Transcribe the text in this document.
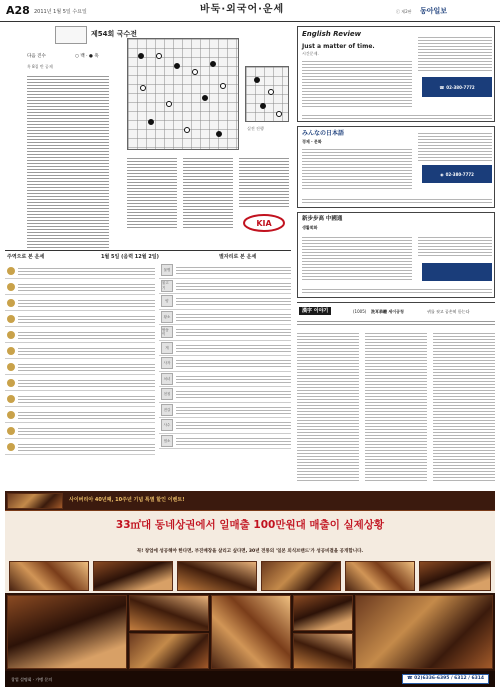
A28 2011년 1월 5일 수요일	바둑·외국어·운세	ⓒ 제2판 동아일보
제54회 국수전
다음 진수	○ 백 · ● 흑
흑 8집 반 공제
실전 진행
KIA
주역으로 본 운세	1월 5일 (음력 12월 2일)	별자리로 본 운세
물병
물고기
양
황소
쌍둥이
게
사자
처녀
천칭
전갈
사수
염소
English Review
Just a matter of time.
시간문제.
☎ 02-380-7772
みんなの日本語
경제 · 문화
◉ 02-380-7772
新步步高 中國通
생활회화
漢字 이야기	(1005) 洗耳恭聽 세이공청	귀를 씻고 공손히 듣는다
사이버리아 40년째, 10주년 기념 특별 할인 이벤트!
33㎡대 동네상권에서 일매출 100만원대 매출이 실제상황
꼭! 창업에 성공해야 한다면, 부진매장을 살리고 싶다면, 30년 전통의 '일본 외식브랜드'가 성공비결을 공개합니다.
창업 설명회 · 가맹 문의	☎ 02)6336-6395 / 6312 / 6314
